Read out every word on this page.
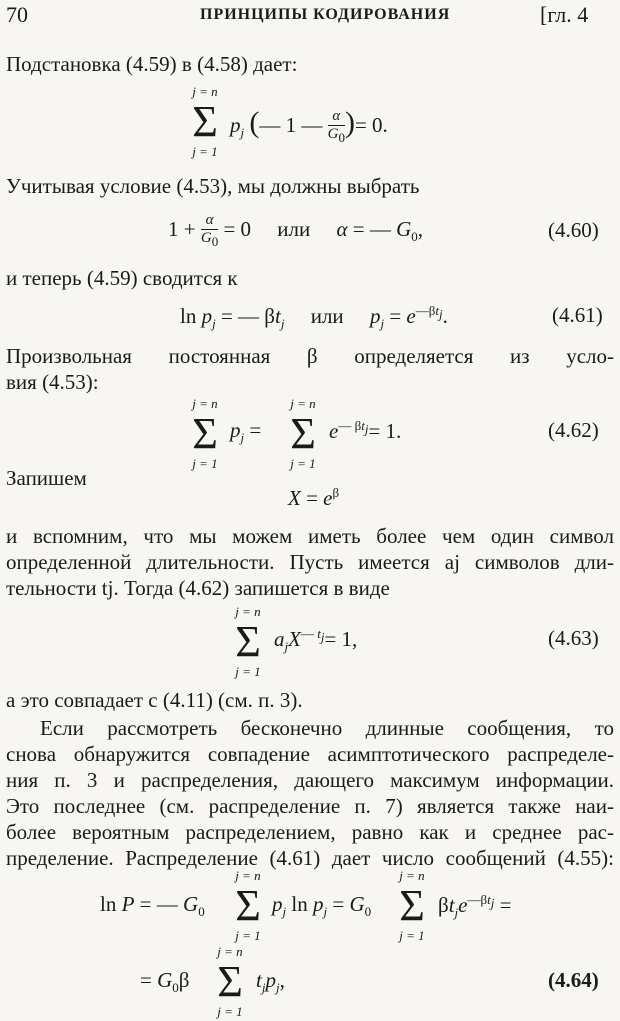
70	ПРИНЦИПЫ КОДИРОВАНИЯ	[гл. 4
Подстановка (4.59) в (4.58) дает:
j = n
Σ
j = 1
$p_j$ (— 1 — $\frac{\alpha}{G_0}$ )= 0.
Учитывая условие (4.53), мы должны выбрать
$1 + \frac{\alpha}{G_0} = 0$     или     α = — $G_0$,	(4.60)
и теперь (4.59) сводится к
$\ln p_j$ = — $\beta t_j$     или     $p_j = e^{—\beta t_j}$.	(4.61)
Произвольная постоянная β определяется из усло-
вия (4.53):
j = n
Σ
j = 1
$p_j$ =
j = n
Σ
j = 1
$e^{— \beta t_j}= 1$.	(4.62)
Запишем
$X = e^\beta$
и вспомним, что мы можем иметь более чем один символ
определенной длительности. Пусть имеется aj символов дли-
тельности tj. Тогда (4.62) запишется в виде
j = n
Σ
j = 1
$a_jX^{— t_j}= 1$,	(4.63)
а это совпадает с (4.11) (см. п. 3).
Если рассмотреть бесконечно длинные сообщения, то
снова обнаружится совпадение асимптотического распределе-
ния п. 3 и распределения, дающего максимум информации.
Это последнее (см. распределение п. 7) является также наи-
более вероятным распределением, равно как и среднее рас-
пределение. Распределение (4.61) дает число сообщений (4.55):
ln P = — $G_0$
j = n
Σ
j = 1
$p_j$ $\ln p_j = G_0$
j = n
Σ
j = 1
$\beta t_je^{—\beta t_j}$ =
= $G_0\beta$
j = n
Σ
j = 1
$t_jp_j$,	(4.64)
